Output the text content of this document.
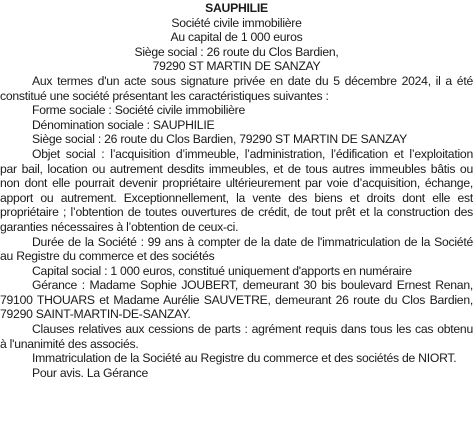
SAUPHILIE
Société civile immobilière
Au capital de 1 000 euros
Siège social : 26 route du Clos Bardien,
79290 ST MARTIN DE SANZAY
Aux termes d'un acte sous signature privée en date du 5 décembre 2024, il a été
constitué une société présentant les caractéristiques suivantes :
Forme sociale : Société civile immobilière
Dénomination sociale : SAUPHILIE
Siège social : 26 route du Clos Bardien, 79290 ST MARTIN DE SANZAY
Objet social : l’acquisition d’immeuble, l’administration, l’édification et l’exploitation
par bail, location ou autrement desdits immeubles, et de tous autres immeubles bâtis ou
non dont elle pourrait devenir propriétaire ultérieurement par voie d’acquisition, échange,
apport ou autrement. Exceptionnellement, la vente des biens et droits dont elle est
propriétaire ; l’obtention de toutes ouvertures de crédit, de tout prêt et la construction des
garanties nécessaires à l’obtention de ceux-ci.
Durée de la Société : 99 ans à compter de la date de l'immatriculation de la Société
au Registre du commerce et des sociétés
Capital social : 1 000 euros, constitué uniquement d'apports en numéraire
Gérance : Madame Sophie JOUBERT, demeurant 30 bis boulevard Ernest Renan,
79100 THOUARS et Madame Aurélie SAUVETRE, demeurant 26 route du Clos Bardien,
79290 SAINT-MARTIN-DE-SANZAY.
Clauses relatives aux cessions de parts : agrément requis dans tous les cas obtenu
à l'unanimité des associés.
Immatriculation de la Société au Registre du commerce et des sociétés de NIORT.
Pour avis. La Gérance
